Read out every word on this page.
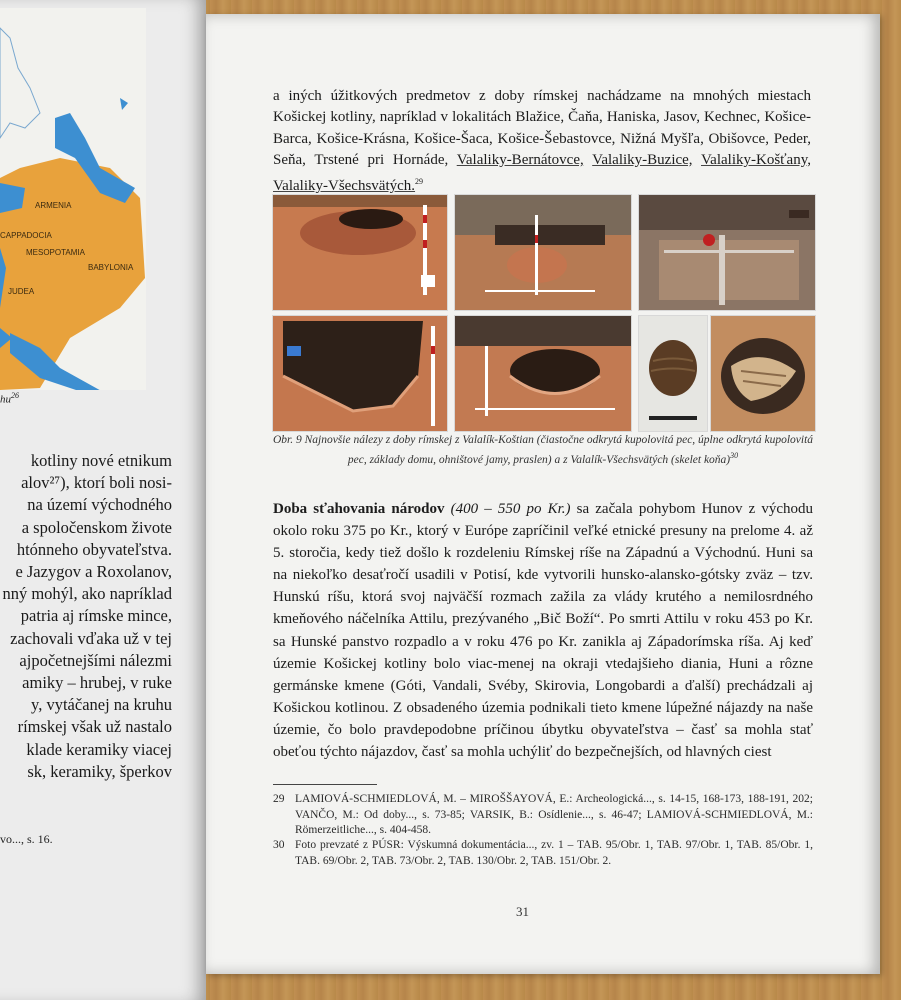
ARMENIA
CAPPADOCIA
MESOPOTAMIA
BABYLONIA
JUDEA
$hu^{26}$
kotliny nové etnikum
alov²⁷), ktorí boli nosi-
na území východného
a spoločenskom živote
htónneho obyvateľstva.
e Jazygov a Roxolanov,
nný mohýl, ako napríklad
patria aj rímske mince,
zachovali vďaka už v tej
ajpočetnejšími nálezmi
amiky – hrubej, v ruke
y, vytáčanej na kruhu
rímskej však už nastalo
klade keramiky viacej
sk, keramiky, šperkov
vo..., s. 16.
a iných úžitkových predmetov z doby rímskej nachádzame na mnohých miestach Košickej kotliny, napríklad v lokalitách Blažice, Čaňa, Haniska, Jasov, Kechnec, Košice-Barca, Košice-Krásna, Košice-Šaca, Košice-Šebastovce, Nižná Myšľa, Obišovce, Peder, Seňa, Trstené pri Hornáde, Valaliky-Bernátovce, Valaliky-Buzice, Valaliky-Košťany, Valaliky-Všechsvätých.$^{29}$
Obr. 9 Najnovšie nálezy z doby rímskej z Valalík-Koštian (čiastočne odkrytá kupolovitá pec, úplne odkrytá kupolovitá pec, základy domu, ohništové jamy, praslen) a z Valalík-Všechsvätých (skelet koňa)$^{30}$
Doba sťahovania národov (400 – 550 po Kr.) sa začala pohybom Hunov z východu okolo roku 375 po Kr., ktorý v Európe zapríčinil veľké etnické presuny na prelome 4. až 5. storočia, kedy tiež došlo k rozdeleniu Rímskej ríše na Západnú a Východnú. Huni sa na niekoľko desaťročí usadili v Potisí, kde vytvorili hunsko-alansko-gótsky zväz – tzv. Hunskú ríšu, ktorá svoj najväčší rozmach zažila za vlády krutého a nemilosrdného kmeňového náčelníka Attilu, prezývaného „Bič Boží“. Po smrti Attilu v roku 453 po Kr. sa Hunské panstvo rozpadlo a v roku 476 po Kr. zanikla aj Západorímska ríša. Aj keď územie Košickej kotliny bolo viac-menej na okraji vtedajšieho diania, Huni a rôzne germánske kmene (Góti, Vandali, Svéby, Skirovia, Longobardi a ďalší) prechádzali aj Košickou kotlinou. Z obsadeného územia podnikali tieto kmene lúpežné nájazdy na naše územie, čo bolo pravdepodobne príčinou úbytku obyvateľstva – časť sa mohla stať obeťou týchto nájazdov, časť sa mohla uchýliť do bezpečnejších, od hlavných ciest
29 LAMIOVÁ-SCHMIEDLOVÁ, M. – MIROŠŠAYOVÁ, E.: Archeologická..., s. 14-15, 168-173, 188-191, 202; VANČO, M.: Od doby..., s. 73-85; VARSIK, B.: Osídlenie..., s. 46-47; LAMIOVÁ-SCHMIEDLOVÁ, M.: Römerzeitliche..., s. 404-458.
30 Foto prevzaté z PÚSR: Výskumná dokumentácia..., zv. 1 – TAB. 95/Obr. 1, TAB. 97/Obr. 1, TAB. 85/Obr. 1, TAB. 69/Obr. 2, TAB. 73/Obr. 2, TAB. 130/Obr. 2, TAB. 151/Obr. 2.
31
